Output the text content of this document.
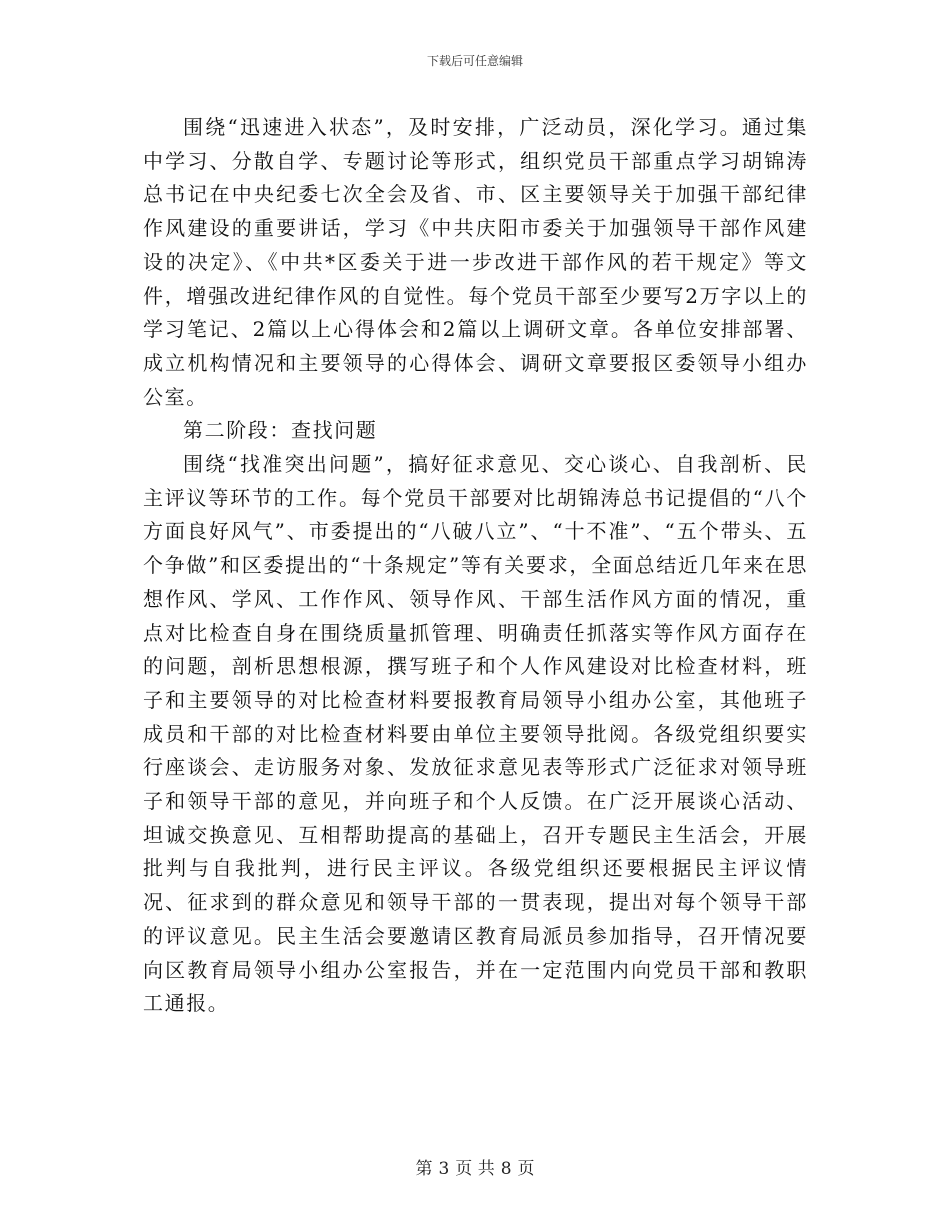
下载后可任意编辑

围绕“迅速进入状态”，及时安排，广泛动员，深化学习。通过集中学习、分散自学、专题讨论等形式，组织党员干部重点学习胡锦涛总书记在中央纪委七次全会及省、市、区主要领导关于加强干部纪律作风建设的重要讲话，学习《中共庆阳市委关于加强领导干部作风建设的决定》、《中共*区委关于进一步改进干部作风的若干规定》等文件，增强改进纪律作风的自觉性。每个党员干部至少要写2万字以上的学习笔记、2篇以上心得体会和2篇以上调研文章。各单位安排部署、成立机构情况和主要领导的心得体会、调研文章要报区委领导小组办公室。

第二阶段：查找问题

围绕“找准突出问题”，搞好征求意见、交心谈心、自我剖析、民主评议等环节的工作。每个党员干部要对比胡锦涛总书记提倡的“八个方面良好风气”、市委提出的“八破八立”、“十不准”、“五个带头、五个争做”和区委提出的“十条规定”等有关要求，全面总结近几年来在思想作风、学风、工作作风、领导作风、干部生活作风方面的情况，重点对比检查自身在围绕质量抓管理、明确责任抓落实等作风方面存在的问题，剖析思想根源，撰写班子和个人作风建设对比检查材料，班子和主要领导的对比检查材料要报教育局领导小组办公室，其他班子成员和干部的对比检查材料要由单位主要领导批阅。各级党组织要实行座谈会、走访服务对象、发放征求意见表等形式广泛征求对领导班子和领导干部的意见，并向班子和个人反馈。在广泛开展谈心活动、坦诚交换意见、互相帮助提高的基础上，召开专题民主生活会，开展批判与自我批判，进行民主评议。各级党组织还要根据民主评议情况、征求到的群众意见和领导干部的一贯表现，提出对每个领导干部的评议意见。民主生活会要邀请区教育局派员参加指导，召开情况要向区教育局领导小组办公室报告，并在一定范围内向党员干部和教职工通报。

第 3 页 共 8 页
